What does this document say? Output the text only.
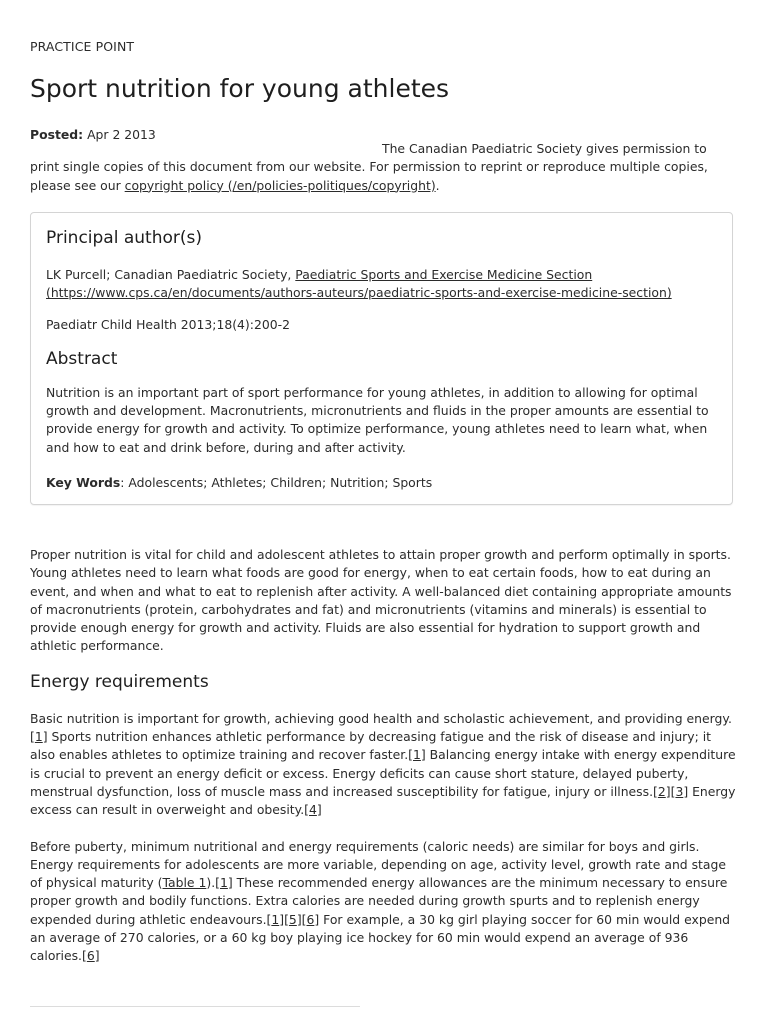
PRACTICE POINT
Sport nutrition for young athletes
Posted: Apr 2 2013
The Canadian Paediatric Society gives permission to print single copies of this document from our website. For permission to reprint or reproduce multiple copies, please see our copyright policy (/en/policies-politiques/copyright).
Principal author(s)

LK Purcell; Canadian Paediatric Society, Paediatric Sports and Exercise Medicine Section (https://www.cps.ca/en/documents/authors-auteurs/paediatric-sports-and-exercise-medicine-section)

Paediatr Child Health 2013;18(4):200-2

Abstract

Nutrition is an important part of sport performance for young athletes, in addition to allowing for optimal growth and development. Macronutrients, micronutrients and fluids in the proper amounts are essential to provide energy for growth and activity. To optimize performance, young athletes need to learn what, when and how to eat and drink before, during and after activity.

Key Words: Adolescents; Athletes; Children; Nutrition; Sports

Proper nutrition is vital for child and adolescent athletes to attain proper growth and perform optimally in sports. Young athletes need to learn what foods are good for energy, when to eat certain foods, how to eat during an event, and when and what to eat to replenish after activity. A well-balanced diet containing appropriate amounts of macronutrients (protein, carbohydrates and fat) and micronutrients (vitamins and minerals) is essential to provide enough energy for growth and activity. Fluids are also essential for hydration to support growth and athletic performance.

Energy requirements

Basic nutrition is important for growth, achieving good health and scholastic achievement, and providing energy.[1] Sports nutrition enhances athletic performance by decreasing fatigue and the risk of disease and injury; it also enables athletes to optimize training and recover faster.[1] Balancing energy intake with energy expenditure is crucial to prevent an energy deficit or excess. Energy deficits can cause short stature, delayed puberty, menstrual dysfunction, loss of muscle mass and increased susceptibility for fatigue, injury or illness.[2][3] Energy excess can result in overweight and obesity.[4]

Before puberty, minimum nutritional and energy requirements (caloric needs) are similar for boys and girls. Energy requirements for adolescents are more variable, depending on age, activity level, growth rate and stage of physical maturity (Table 1).[1] These recommended energy allowances are the minimum necessary to ensure proper growth and bodily functions. Extra calories are needed during growth spurts and to replenish energy expended during athletic endeavours.[1][5][6] For example, a 30 kg girl playing soccer for 60 min would expend an average of 270 calories, or a 60 kg boy playing ice hockey for 60 min would expend an average of 936 calories.[6]
